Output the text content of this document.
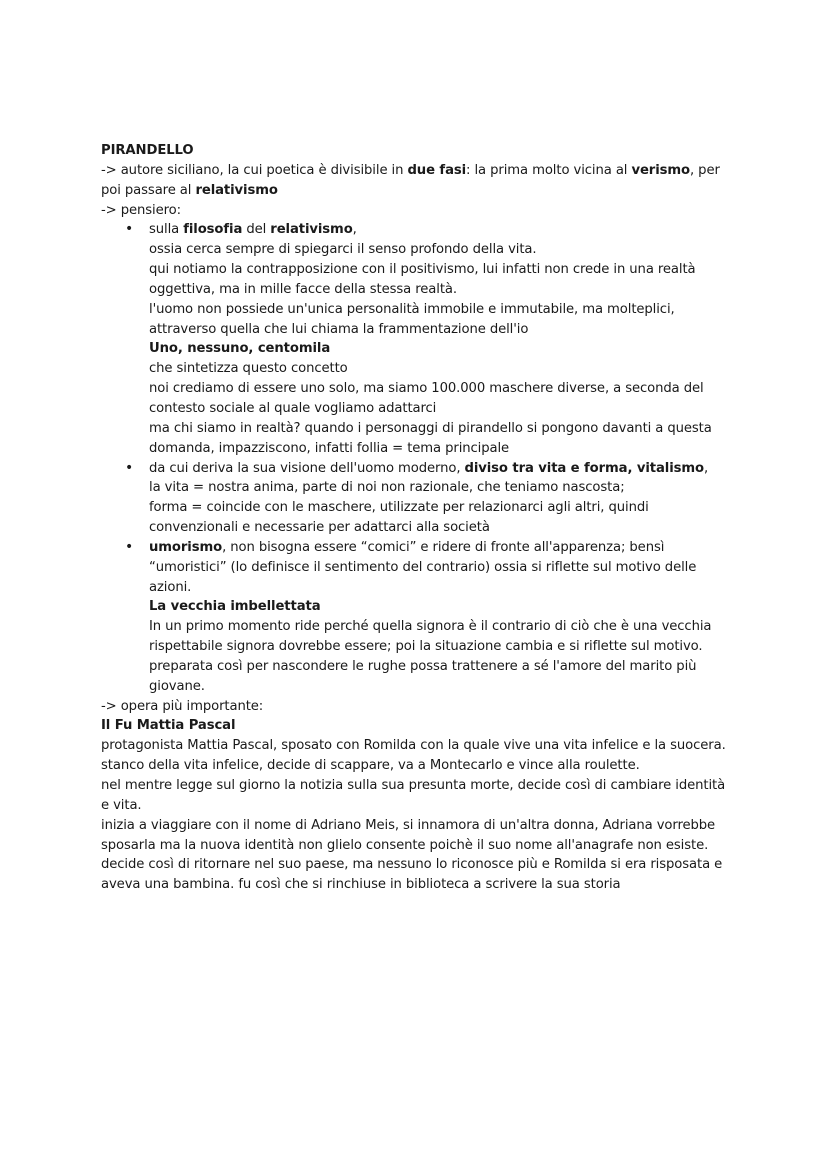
PIRANDELLO

-> autore siciliano, la cui poetica è divisibile in due fasi: la prima molto vicina al verismo, per poi passare al relativismo

-> pensiero:

• sulla filosofia del relativismo,

ossia cerca sempre di spiegarci il senso profondo della vita.

qui notiamo la contrapposizione con il positivismo, lui infatti non crede in una realtà oggettiva, ma in mille facce della stessa realtà.

l'uomo non possiede un'unica personalità immobile e immutabile, ma molteplici, attraverso quella che lui chiama la frammentazione dell'io

Uno, nessuno, centomila

che sintetizza questo concetto

noi crediamo di essere uno solo, ma siamo 100.000 maschere diverse, a seconda del contesto sociale al quale vogliamo adattarci

ma chi siamo in realtà? quando i personaggi di pirandello si pongono davanti a questa domanda, impazziscono, infatti follia = tema principale

• da cui deriva la sua visione dell'uomo moderno, diviso tra vita e forma, vitalismo,

la vita = nostra anima, parte di noi non razionale, che teniamo nascosta;

forma = coincide con le maschere, utilizzate per relazionarci agli altri, quindi convenzionali e necessarie per adattarci alla società

• umorismo, non bisogna essere “comici” e ridere di fronte all'apparenza; bensì “umoristici” (lo definisce il sentimento del contrario) ossia si riflette sul motivo delle azioni.

La vecchia imbellettata

In un primo momento ride perché quella signora è il contrario di ciò che è una vecchia rispettabile signora dovrebbe essere; poi la situazione cambia e si riflette sul motivo. preparata così per nascondere le rughe possa trattenere a sé l'amore del marito più giovane.

-> opera più importante:

Il Fu Mattia Pascal

protagonista Mattia Pascal, sposato con Romilda con la quale vive una vita infelice e la suocera.

stanco della vita infelice, decide di scappare, va a Montecarlo e vince alla roulette.

nel mentre legge sul giorno la notizia sulla sua presunta morte, decide così di cambiare identità e vita.

inizia a viaggiare con il nome di Adriano Meis, si innamora di un'altra donna, Adriana vorrebbe sposarla ma la nuova identità non glielo consente poichè il suo nome all'anagrafe non esiste.

decide così di ritornare nel suo paese, ma nessuno lo riconosce più e Romilda si era risposata e aveva una bambina. fu così che si rinchiuse in biblioteca a scrivere la sua storia
